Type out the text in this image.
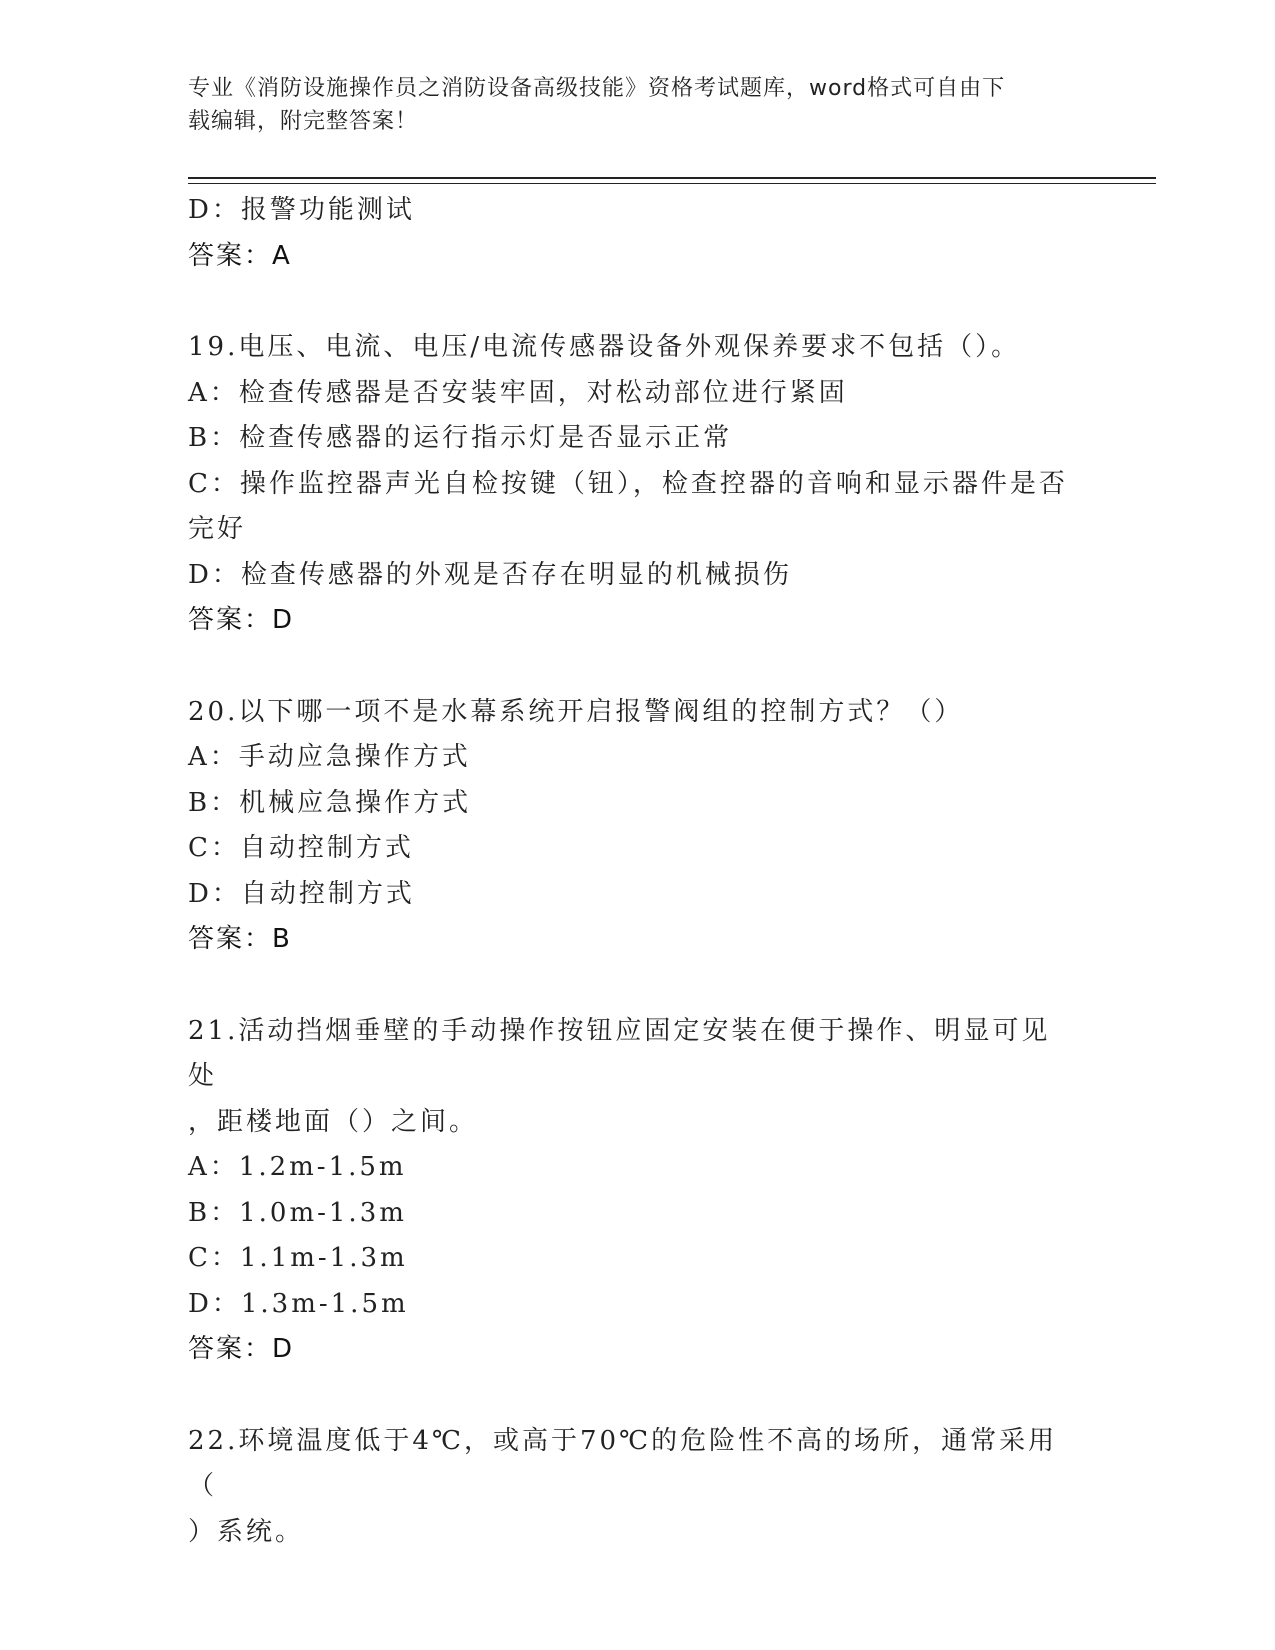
专业《消防设施操作员之消防设备高级技能》资格考试题库，word格式可自由下
载编辑，附完整答案！
D：报警功能测试
答案：A
19.电压、电流、电压/电流传感器设备外观保养要求不包括（）。
A：检查传感器是否安装牢固，对松动部位进行紧固
B：检查传感器的运行指示灯是否显示正常
C：操作监控器声光自检按键（钮），检查控器的音响和显示器件是否
完好
D：检查传感器的外观是否存在明显的机械损伤
答案：D
20.以下哪一项不是水幕系统开启报警阀组的控制方式？（）
A：手动应急操作方式
B：机械应急操作方式
C：自动控制方式
D：自动控制方式
答案：B
21.活动挡烟垂壁的手动操作按钮应固定安装在便于操作、明显可见处
，距楼地面（）之间。
A：1.2m-1.5m
B：1.0m-1.3m
C：1.1m-1.3m
D：1.3m-1.5m
答案：D
22.环境温度低于4℃，或高于70℃的危险性不高的场所，通常采用（
）系统。
